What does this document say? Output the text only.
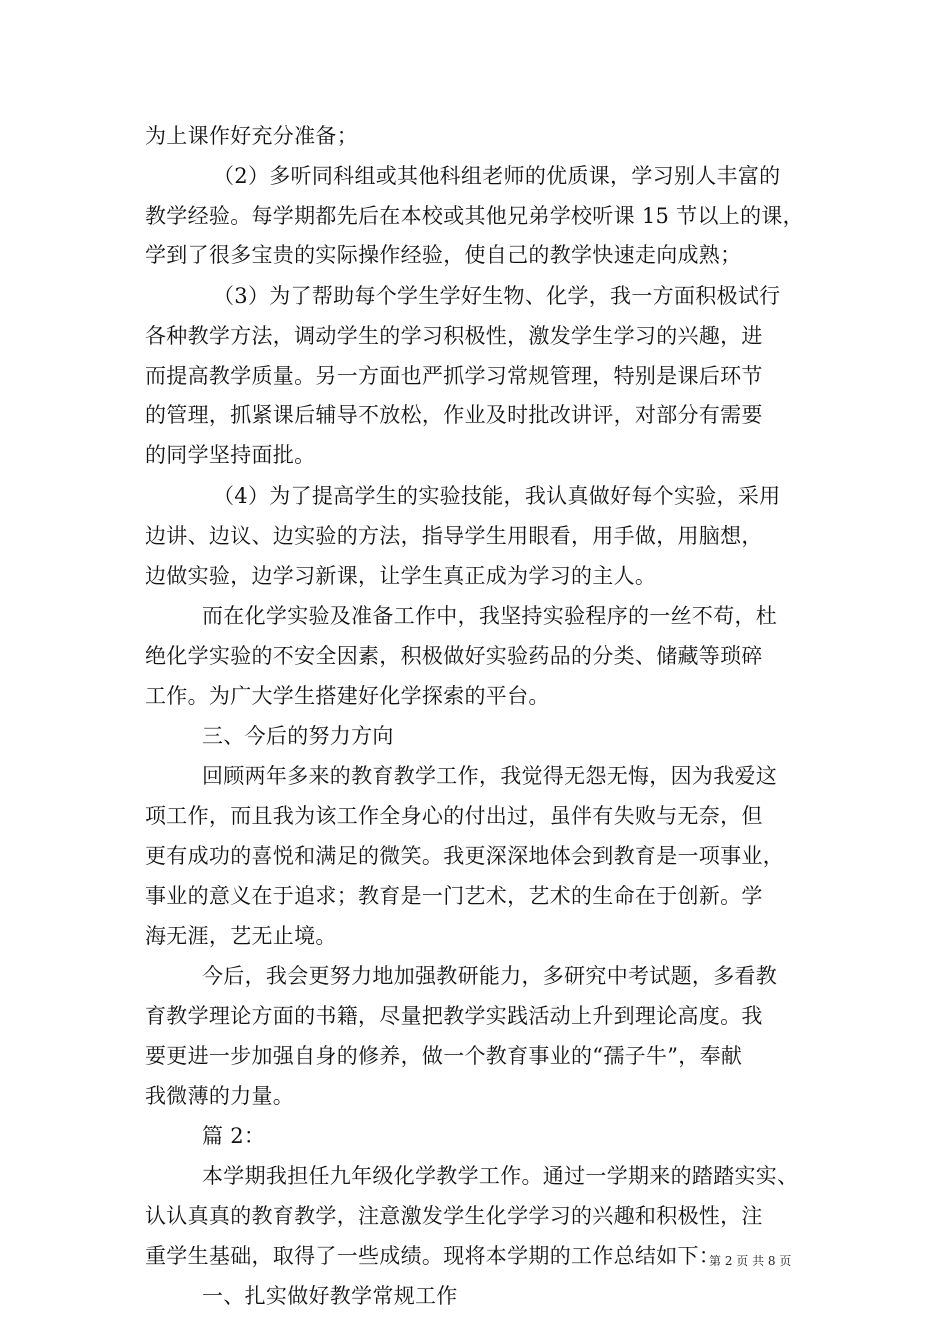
为上课作好充分准备；
（2）多听同科组或其他科组老师的优质课，学习别人丰富的
教学经验。每学期都先后在本校或其他兄弟学校听课 15 节以上的课，
学到了很多宝贵的实际操作经验，使自己的教学快速走向成熟；
（3）为了帮助每个学生学好生物、化学，我一方面积极试行
各种教学方法，调动学生的学习积极性，激发学生学习的兴趣，进
而提高教学质量。另一方面也严抓学习常规管理，特别是课后环节
的管理，抓紧课后辅导不放松，作业及时批改讲评，对部分有需要
的同学坚持面批。
（4）为了提高学生的实验技能，我认真做好每个实验，采用
边讲、边议、边实验的方法，指导学生用眼看，用手做，用脑想，
边做实验，边学习新课，让学生真正成为学习的主人。
而在化学实验及准备工作中，我坚持实验程序的一丝不苟，杜
绝化学实验的不安全因素，积极做好实验药品的分类、储藏等琐碎
工作。为广大学生搭建好化学探索的平台。
三、今后的努力方向
回顾两年多来的教育教学工作，我觉得无怨无悔，因为我爱这
项工作，而且我为该工作全身心的付出过，虽伴有失败与无奈，但
更有成功的喜悦和满足的微笑。我更深深地体会到教育是一项事业，
事业的意义在于追求；教育是一门艺术，艺术的生命在于创新。学
海无涯，艺无止境。
今后，我会更努力地加强教研能力，多研究中考试题，多看教
育教学理论方面的书籍，尽量把教学实践活动上升到理论高度。我
要更进一步加强自身的修养，做一个教育事业的“孺子牛”，奉献
我微薄的力量。
篇 2：
本学期我担任九年级化学教学工作。通过一学期来的踏踏实实、
认认真真的教育教学，注意激发学生化学学习的兴趣和积极性，注
重学生基础，取得了一些成绩。现将本学期的工作总结如下：
一、扎实做好教学常规工作
第 2 页 共 8 页
